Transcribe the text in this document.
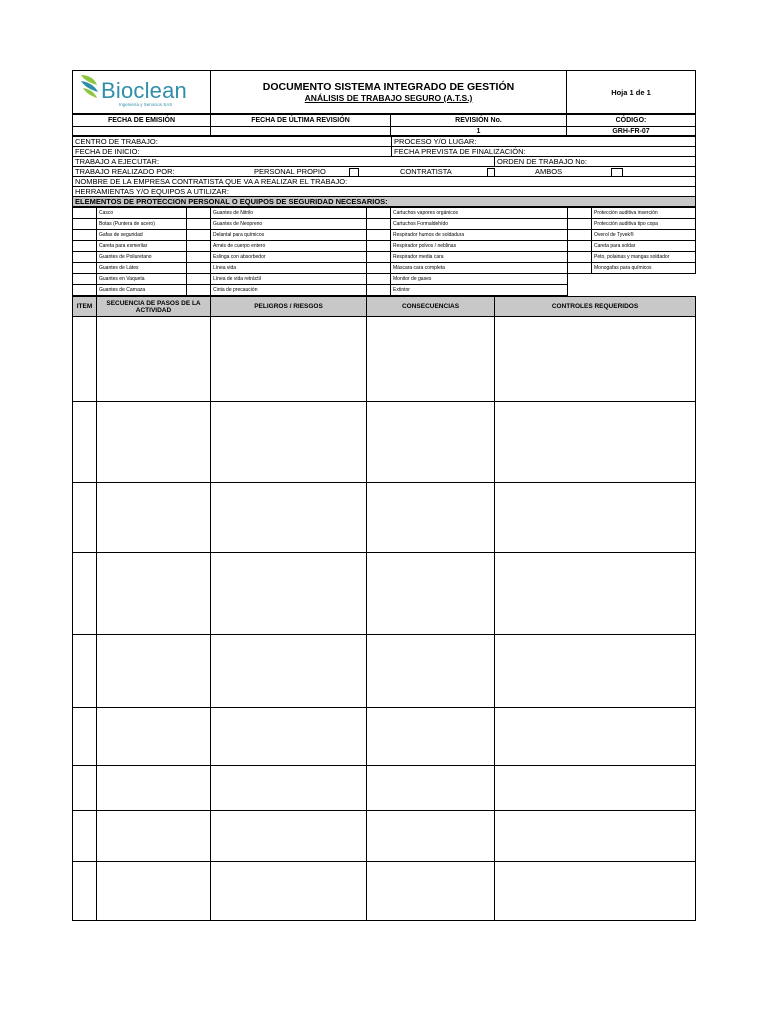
Bioclean
Ingeniería y Servicios SAS

DOCUMENTO SISTEMA INTEGRADO DE GESTIÓN
ANÁLISIS DE TRABAJO SEGURO (A.T.S.)
	Hoja 1 de 1
FECHA DE EMISIÓN	FECHA DE ÚLTIMA REVISIÓN	REVISIÓN No.	CÓDIGO:
		1	GRH-FR-07
CENTRO DE TRABAJO:	PROCESO Y/O LUGAR:	
FECHA DE INICIO:	FECHA PREVISTA DE FINALIZACIÓN:	
TRABAJO A EJECUTAR:		ORDEN DE TRABAJO No:

TRABAJO REALIZADO POR: PERSONAL PROPIO CONTRATISTA AMBOS		

NOMBRE DE LA EMPRESA CONTRATISTA QUE VA A REALIZAR EL TRABAJO:		
HERRAMIENTAS Y/O EQUIPOS A UTILIZAR:		
ELEMENTOS DE PROTECCION PERSONAL O EQUIPOS DE SEGURIDAD NECESARIOS:		
	Casco		Guantes de Nitrilo		Cartuchos vapores orgánicos		Protección auditiva inserción
	Botas (Puntera de acero)		Guantes de Neopreno		Cartuchos Formaldehído		Protección auditiva tipo copa
	Gafas de seguridad		Delantal para químicos		Respirador humos de soldadura		Overol de Tyvek®
	Careta para esmerilar		Arnés de cuerpo entero		Respirador polvos / neblinas		Careta para soldar
	Guantes de Poliuretano		Eslinga con absorbedor		Respirador media cara		Peto, polainas y mangas soldador
	Guantes de Látex		Línea vida		Máscara cara completa		Monogafas para químicos
	Guantes en Vaqueta		Línea de vida retráctil		Monitor de gases		
	Guantes de Carnaza		Cinta de precaución		Extintor		
ITEM	SECUENCIA DE PASOS DE LA ACTIVIDAD	PELIGROS / RIESGOS	CONSECUENCIAS	CONTROLES REQUERIDOS
